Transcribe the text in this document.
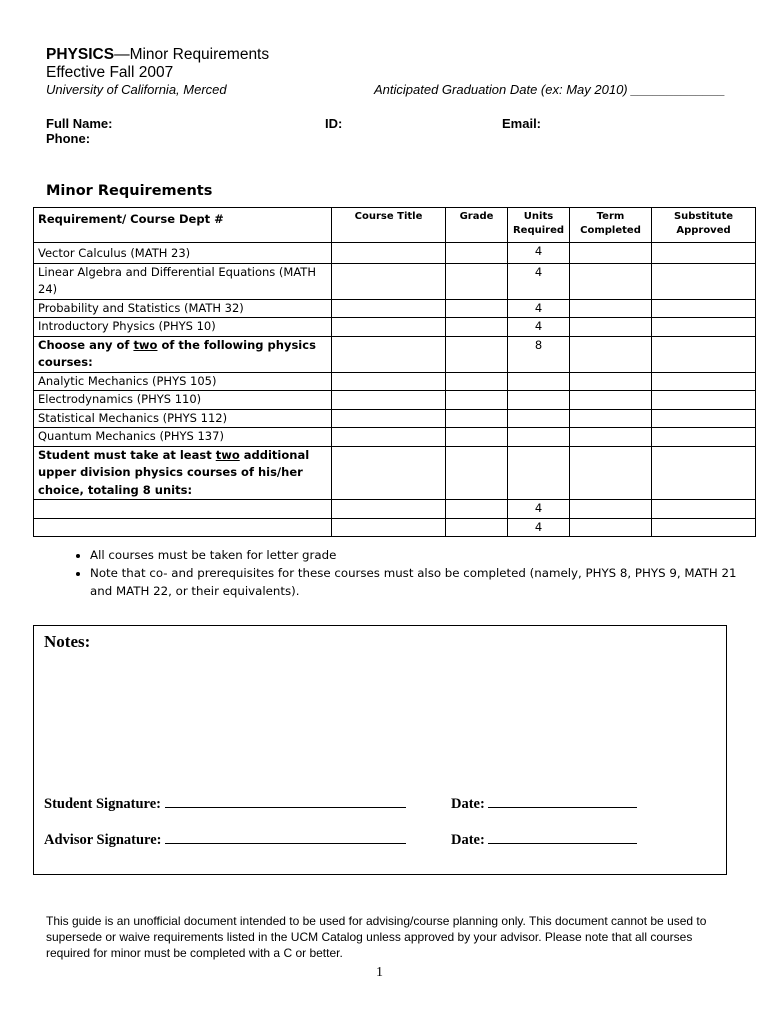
PHYSICS—Minor Requirements
Effective Fall 2007
University of California, Merced	Anticipated Graduation Date (ex: May 2010) _____________
Full Name:	ID:	Email:
Phone:
Minor Requirements
Requirement/ Course Dept #	Course Title	Grade	Units Required	Term Completed	Substitute Approved
Vector Calculus (MATH 23)			4		
Linear Algebra and Differential Equations (MATH 24)			4		
Probability and Statistics (MATH 32)			4		
Introductory Physics (PHYS 10)			4		
Choose any of two of the following physics courses:			8		
Analytic Mechanics (PHYS 105)					
Electrodynamics (PHYS 110)					
Statistical Mechanics (PHYS 112)					
Quantum Mechanics (PHYS 137)					
Student must take at least two additional upper division physics courses of his/her choice, totaling 8 units:					
			4		
			4		
• All courses must be taken for letter grade
• Note that co- and prerequisites for these courses must also be completed (namely, PHYS 8, PHYS 9, MATH 21 and MATH 22, or their equivalents).
Notes:
Student Signature:	Date:
Advisor Signature:	Date:
This guide is an unofficial document intended to be used for advising/course planning only. This document cannot be used to supersede or waive requirements listed in the UCM Catalog unless approved by your advisor. Please note that all courses required for minor must be completed with a C or better.
1
